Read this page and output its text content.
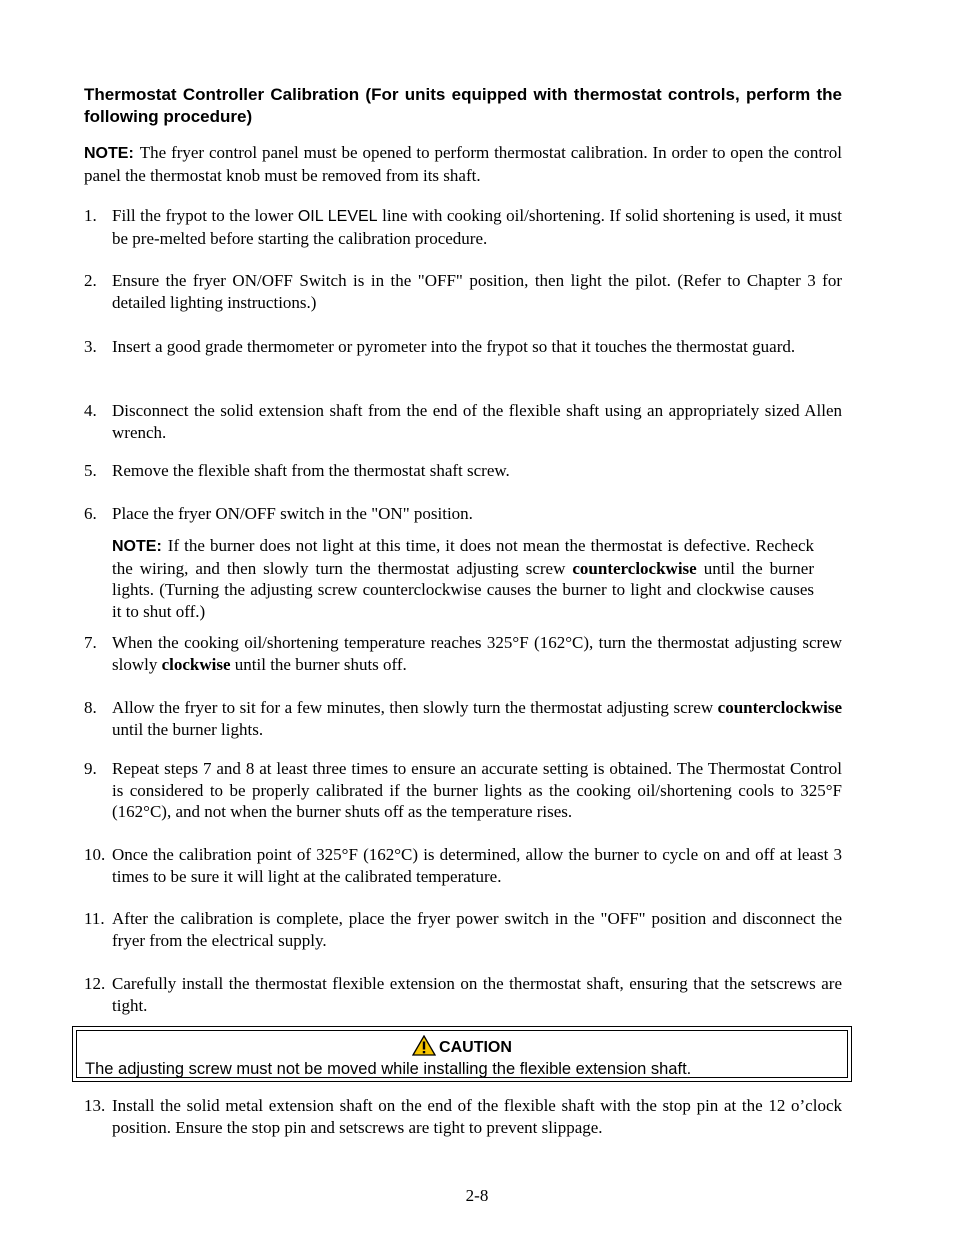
Thermostat Controller Calibration (For units equipped with thermostat controls, perform the following procedure)
NOTE: The fryer control panel must be opened to perform thermostat calibration. In order to open the control panel the thermostat knob must be removed from its shaft.
1. Fill the frypot to the lower OIL LEVEL line with cooking oil/shortening. If solid shortening is used, it must be pre-melted before starting the calibration procedure.
2. Ensure the fryer ON/OFF Switch is in the "OFF" position, then light the pilot. (Refer to Chapter 3 for detailed lighting instructions.)
3. Insert a good grade thermometer or pyrometer into the frypot so that it touches the thermostat guard.
4. Disconnect the solid extension shaft from the end of the flexible shaft using an appropriately sized Allen wrench.
5. Remove the flexible shaft from the thermostat shaft screw.
6. Place the fryer ON/OFF switch in the "ON" position.
NOTE: If the burner does not light at this time, it does not mean the thermostat is defective. Recheck the wiring, and then slowly turn the thermostat adjusting screw counterclockwise until the burner lights. (Turning the adjusting screw counterclockwise causes the burner to light and clockwise causes it to shut off.)
7. When the cooking oil/shortening temperature reaches 325°F (162°C), turn the thermostat adjusting screw slowly clockwise until the burner shuts off.
8. Allow the fryer to sit for a few minutes, then slowly turn the thermostat adjusting screw counterclockwise until the burner lights.
9. Repeat steps 7 and 8 at least three times to ensure an accurate setting is obtained. The Thermostat Control is considered to be properly calibrated if the burner lights as the cooking oil/shortening cools to 325°F (162°C), and not when the burner shuts off as the temperature rises.
10. Once the calibration point of 325°F (162°C) is determined, allow the burner to cycle on and off at least 3 times to be sure it will light at the calibrated temperature.
11. After the calibration is complete, place the fryer power switch in the "OFF" position and disconnect the fryer from the electrical supply.
12. Carefully install the thermostat flexible extension on the thermostat shaft, ensuring that the setscrews are tight.
CAUTION
The adjusting screw must not be moved while installing the flexible extension shaft.
13. Install the solid metal extension shaft on the end of the flexible shaft with the stop pin at the 12 o’clock position. Ensure the stop pin and setscrews are tight to prevent slippage.
2-8
